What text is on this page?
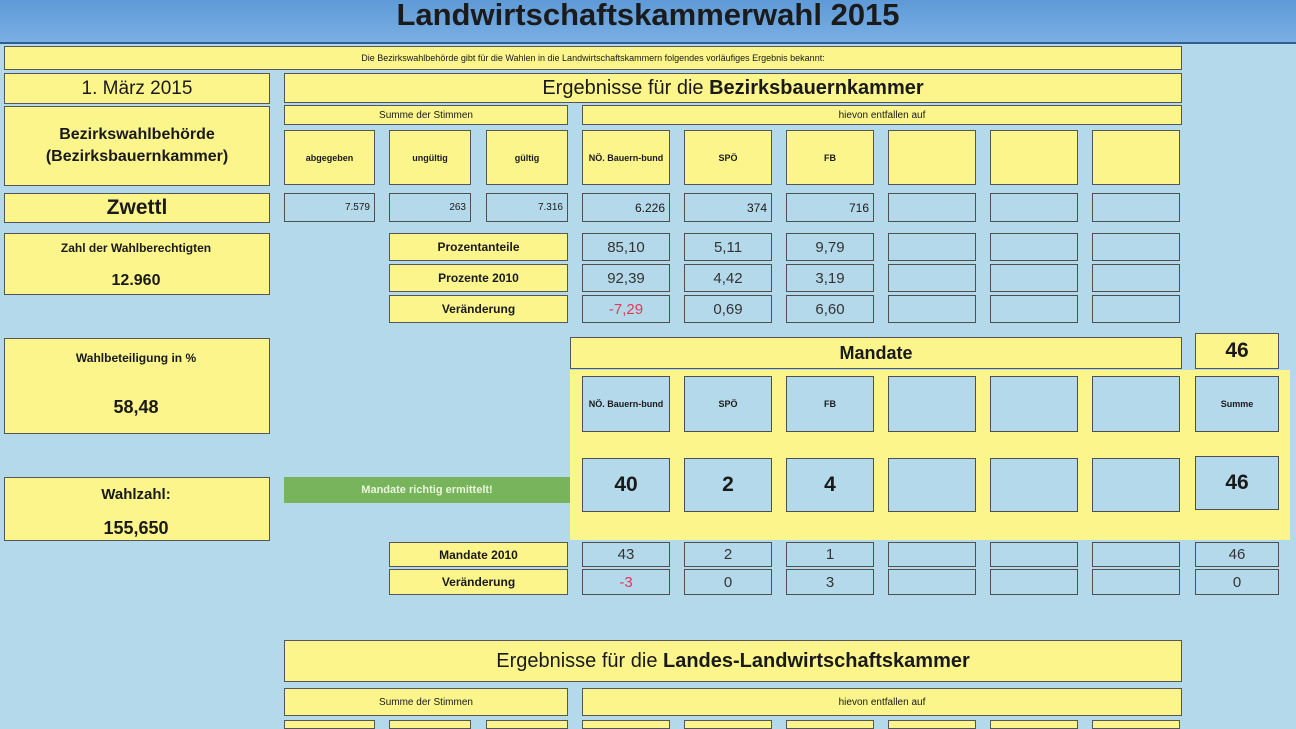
Landwirtschaftskammerwahl 2015
Die Bezirkswahlbehörde gibt für die Wahlen in die Landwirtschaftskammern folgendes vorläufiges Ergebnis bekannt:
1. März 2015
Bezirkswahlbehörde
(Bezirksbauernkammer)
Zwettl
Zahl der Wahlberechtigten
12.960
Wahlbeteiligung in %
58,48
Wahlzahl:
155,650
Ergebnisse für die
Bezirksbauernkammer
Summe der Stimmen	hievon entfallen auf
abgegeben	ungültig	gültig	NÖ. Bauern-bund	SPÖ	FB
7.579	263	7.316	6.226	374	716
Prozentanteile	85,10	5,11	9,79
Prozente 2010	92,39	4,42	3,19
Veränderung	-7,29	0,69	6,60
Mandate	46
NÖ. Bauern-bund	SPÖ	FB	Summe
40	2	4	46
Mandate richtig ermittelt!
Mandate 2010	43	2	1	46
Veränderung	-3	0	3	0
Ergebnisse für die
Landes-Landwirtschaftskammer
Summe der Stimmen	hievon entfallen auf
